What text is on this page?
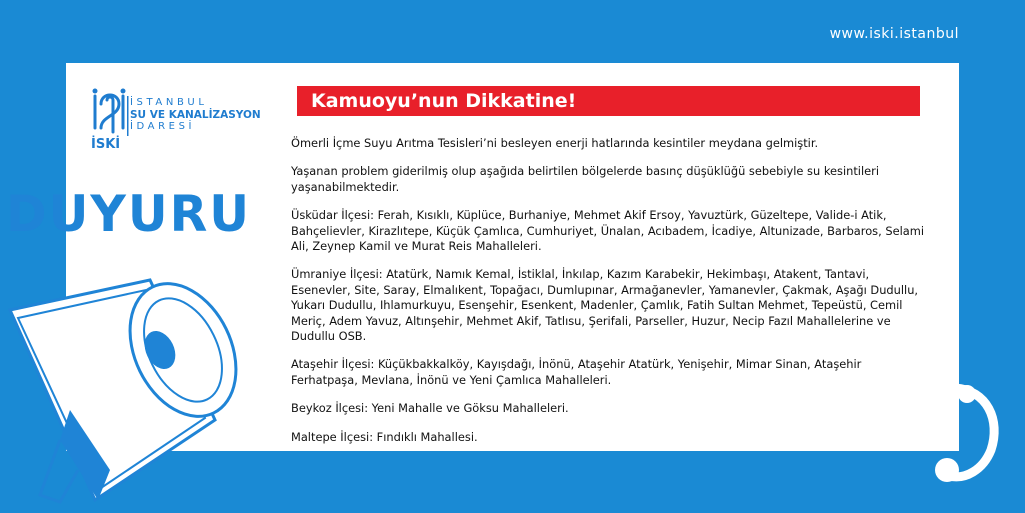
www.iski.istanbul
İSTANBUL
SU VE KANALİZASYON
İDARESİ
İSKİ
DUYURU
Kamuoyu’nun Dikkatine!

Ömerli İçme Suyu Arıtma Tesisleri’ni besleyen enerji hatlarında kesintiler meydana gelmiştir.

Yaşanan problem giderilmiş olup aşağıda belirtilen bölgelerde basınç düşüklüğü sebebiyle su kesintileri yaşanabilmektedir.

Üsküdar İlçesi: Ferah, Kısıklı, Küplüce, Burhaniye, Mehmet Akif Ersoy, Yavuztürk, Güzeltepe, Valide-i Atik, Bahçelievler, Kirazlıtepe, Küçük Çamlıca, Cumhuriyet, Ünalan, Acıbadem, İcadiye, Altunizade, Barbaros, Selami Ali, Zeynep Kamil ve Murat Reis Mahalleleri.

Ümraniye İlçesi: Atatürk, Namık Kemal, İstiklal, İnkılap, Kazım Karabekir, Hekimbaşı, Atakent, Tantavi, Esenevler, Site, Saray, Elmalıkent, Topağacı, Dumlupınar, Armağanevler, Yamanevler, Çakmak, Aşağı Dudullu, Yukarı Dudullu, Ihlamurkuyu, Esenşehir, Esenkent, Madenler, Çamlık, Fatih Sultan Mehmet, Tepeüstü, Cemil Meriç, Adem Yavuz, Altınşehir, Mehmet Akif, Tatlısu, Şerifali, Parseller, Huzur, Necip Fazıl Mahallelerine ve Dudullu OSB.

Ataşehir İlçesi: Küçükbakkalköy, Kayışdağı, İnönü, Ataşehir Atatürk, Yenişehir, Mimar Sinan, Ataşehir Ferhatpaşa, Mevlana, İnönü ve Yeni Çamlıca Mahalleleri.

Beykoz İlçesi: Yeni Mahalle ve Göksu Mahalleleri.

Maltepe İlçesi: Fındıklı Mahallesi.
